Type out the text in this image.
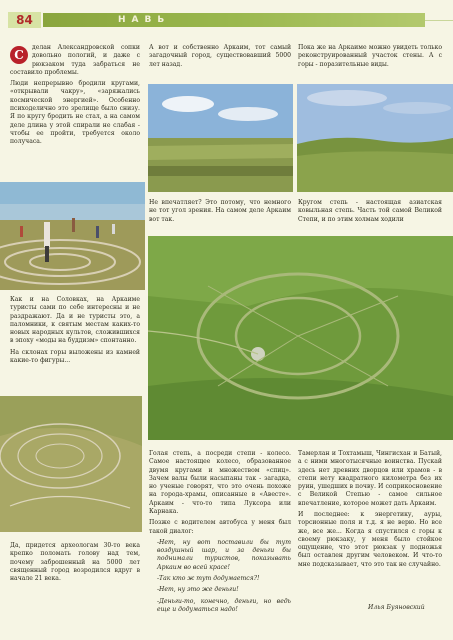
НАВЬ
84

С
делан Александровской сопки довольно пологий, и даже с рюкзаком туда забраться не составило проблемы.

Люди непрерывно бродили кругами, «открывали чакру», «заряжались космической энергией». Особенно психоделично это зрелище было снизу. Я по кругу бродить не стал, а на самом деле длина у этой спирали не слабая - чтобы ее пройти, требуется около получаса.

Как и на Соловках, на Аркаиме туристы сами по себе интересны и не раздражают. Да и не туристы это, а паломники, к святым местам каких-то новых народных культов, сложившихся в эпоху «моды на буддизм» спонтанно.

На склонах горы выложены из камней какие-то фигуры...

Да, придется археологам 30-то века крепко поломать голову над тем, почему заброшенный на 5000 лет священный город возродился вдруг в начале 21 века.

А вот и собственно Аркаим, тот самый загадочный город, существовавший 5000 лет назад.

Не впечатляет? Это потому, что немного не тот угол зрения. На самом деле Аркаим вот так.

Пока же на Аркаиме можно увидеть только реконструированный участок стены. А с горы - поразительные виды.

Кругом степь - настоящая азиатская ковыльная степь. Часть той самой Великой Степи, и по этим холмам ходили

Голая степь, а посреди степи - колесо. Самое настоящее колесо, образованное двумя кругами и множеством «спиц». Зачем валы были насыпаны так - загадка, но ученые говорят, что это очень похоже на города-храмы, описанные в «Авесте». Аркаим - что-то типа Луксора или Карнака.

Позже с водителем автобуса у меня был такой диалог:

-Нет, ну вот поставили бы тут воздушный шар, и за деньги бы поднимали туристов, показывать Аркаим во всей красе!

-Так кто ж тут додумается?!

-Нет, ну это же деньги!

-Деньги-то, конечно, деньги, но ведь еще и додуматься надо!

Тамерлан и Тохтамыш, Чингисхан и Батый, а с ними многотысячные воинства. Пускай здесь нет древних дворцов или храмов - в степи нету квадратного километра без их руин, ушедших в почву. И соприкосновение с Великой Степью - самое сильное впечатление, которое может дать Аркаим.

И последнее: к энергетику, ауры, торсионные поля и т.д. я не верю. Но все же, все же... Когда я спустился с горы к своему рюкзаку, у меня было стойкое ощущение, что этот рюкзак у подножья был оставлен другим человеком. И что-то мне подсказывает, что это так не случайно.

Илья Буяновский
